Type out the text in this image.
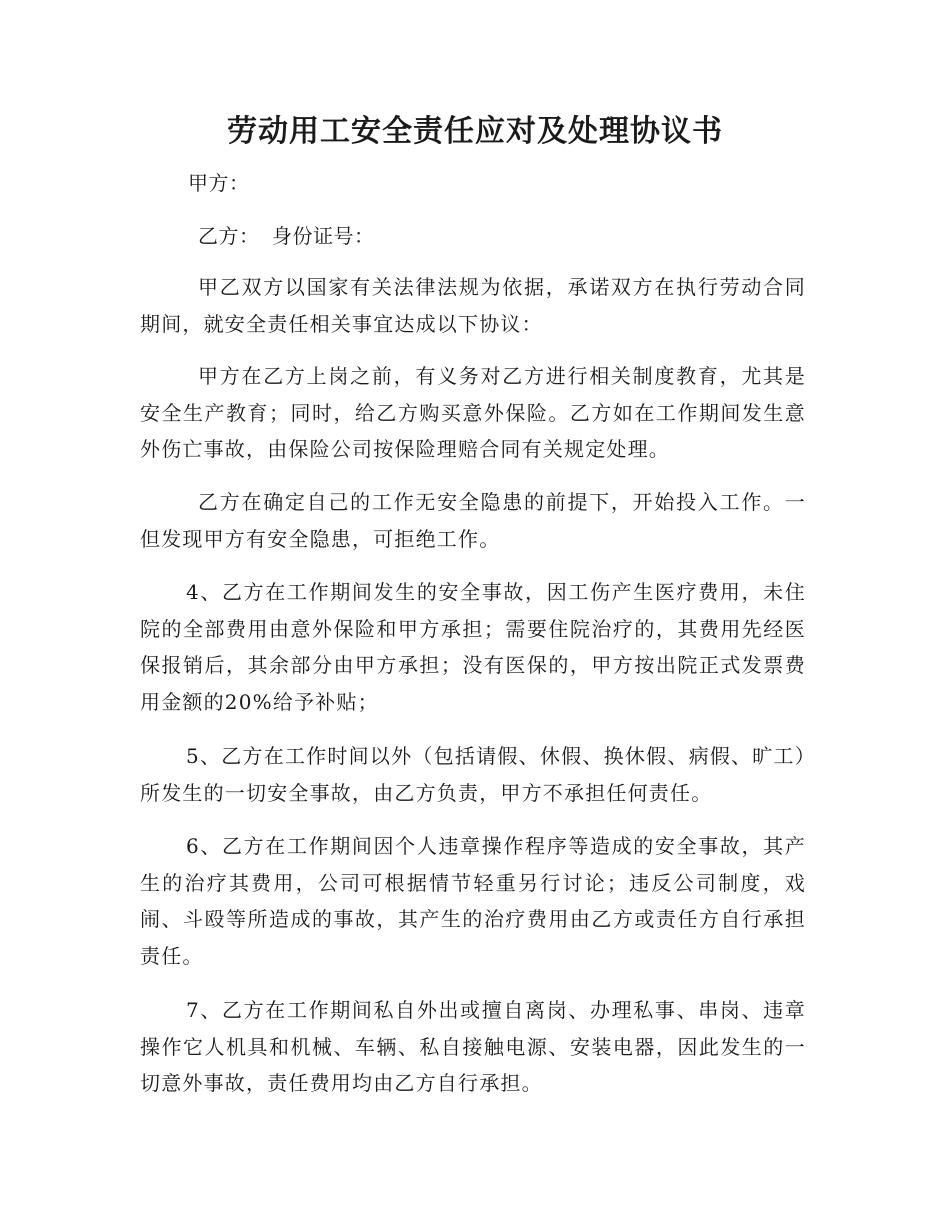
劳动用工安全责任应对及处理协议书
甲方：
乙方： 身份证号：
甲乙双方以国家有关法律法规为依据，承诺双方在执行劳动合同期间，就安全责任相关事宜达成以下协议：
甲方在乙方上岗之前，有义务对乙方进行相关制度教育，尤其是安全生产教育；同时，给乙方购买意外保险。乙方如在工作期间发生意外伤亡事故，由保险公司按保险理赔合同有关规定处理。
乙方在确定自己的工作无安全隐患的前提下，开始投入工作。一但发现甲方有安全隐患，可拒绝工作。
4、乙方在工作期间发生的安全事故，因工伤产生医疗费用，未住院的全部费用由意外保险和甲方承担；需要住院治疗的，其费用先经医保报销后，其余部分由甲方承担；没有医保的，甲方按出院正式发票费用金额的20%给予补贴；
5、乙方在工作时间以外（包括请假、休假、换休假、病假、旷工）所发生的一切安全事故，由乙方负责，甲方不承担任何责任。
6、乙方在工作期间因个人违章操作程序等造成的安全事故，其产生的治疗其费用，公司可根据情节轻重另行讨论；违反公司制度，戏闹、斗殴等所造成的事故，其产生的治疗费用由乙方或责任方自行承担责任。
7、乙方在工作期间私自外出或擅自离岗、办理私事、串岗、违章操作它人机具和机械、车辆、私自接触电源、安装电器，因此发生的一切意外事故，责任费用均由乙方自行承担。
